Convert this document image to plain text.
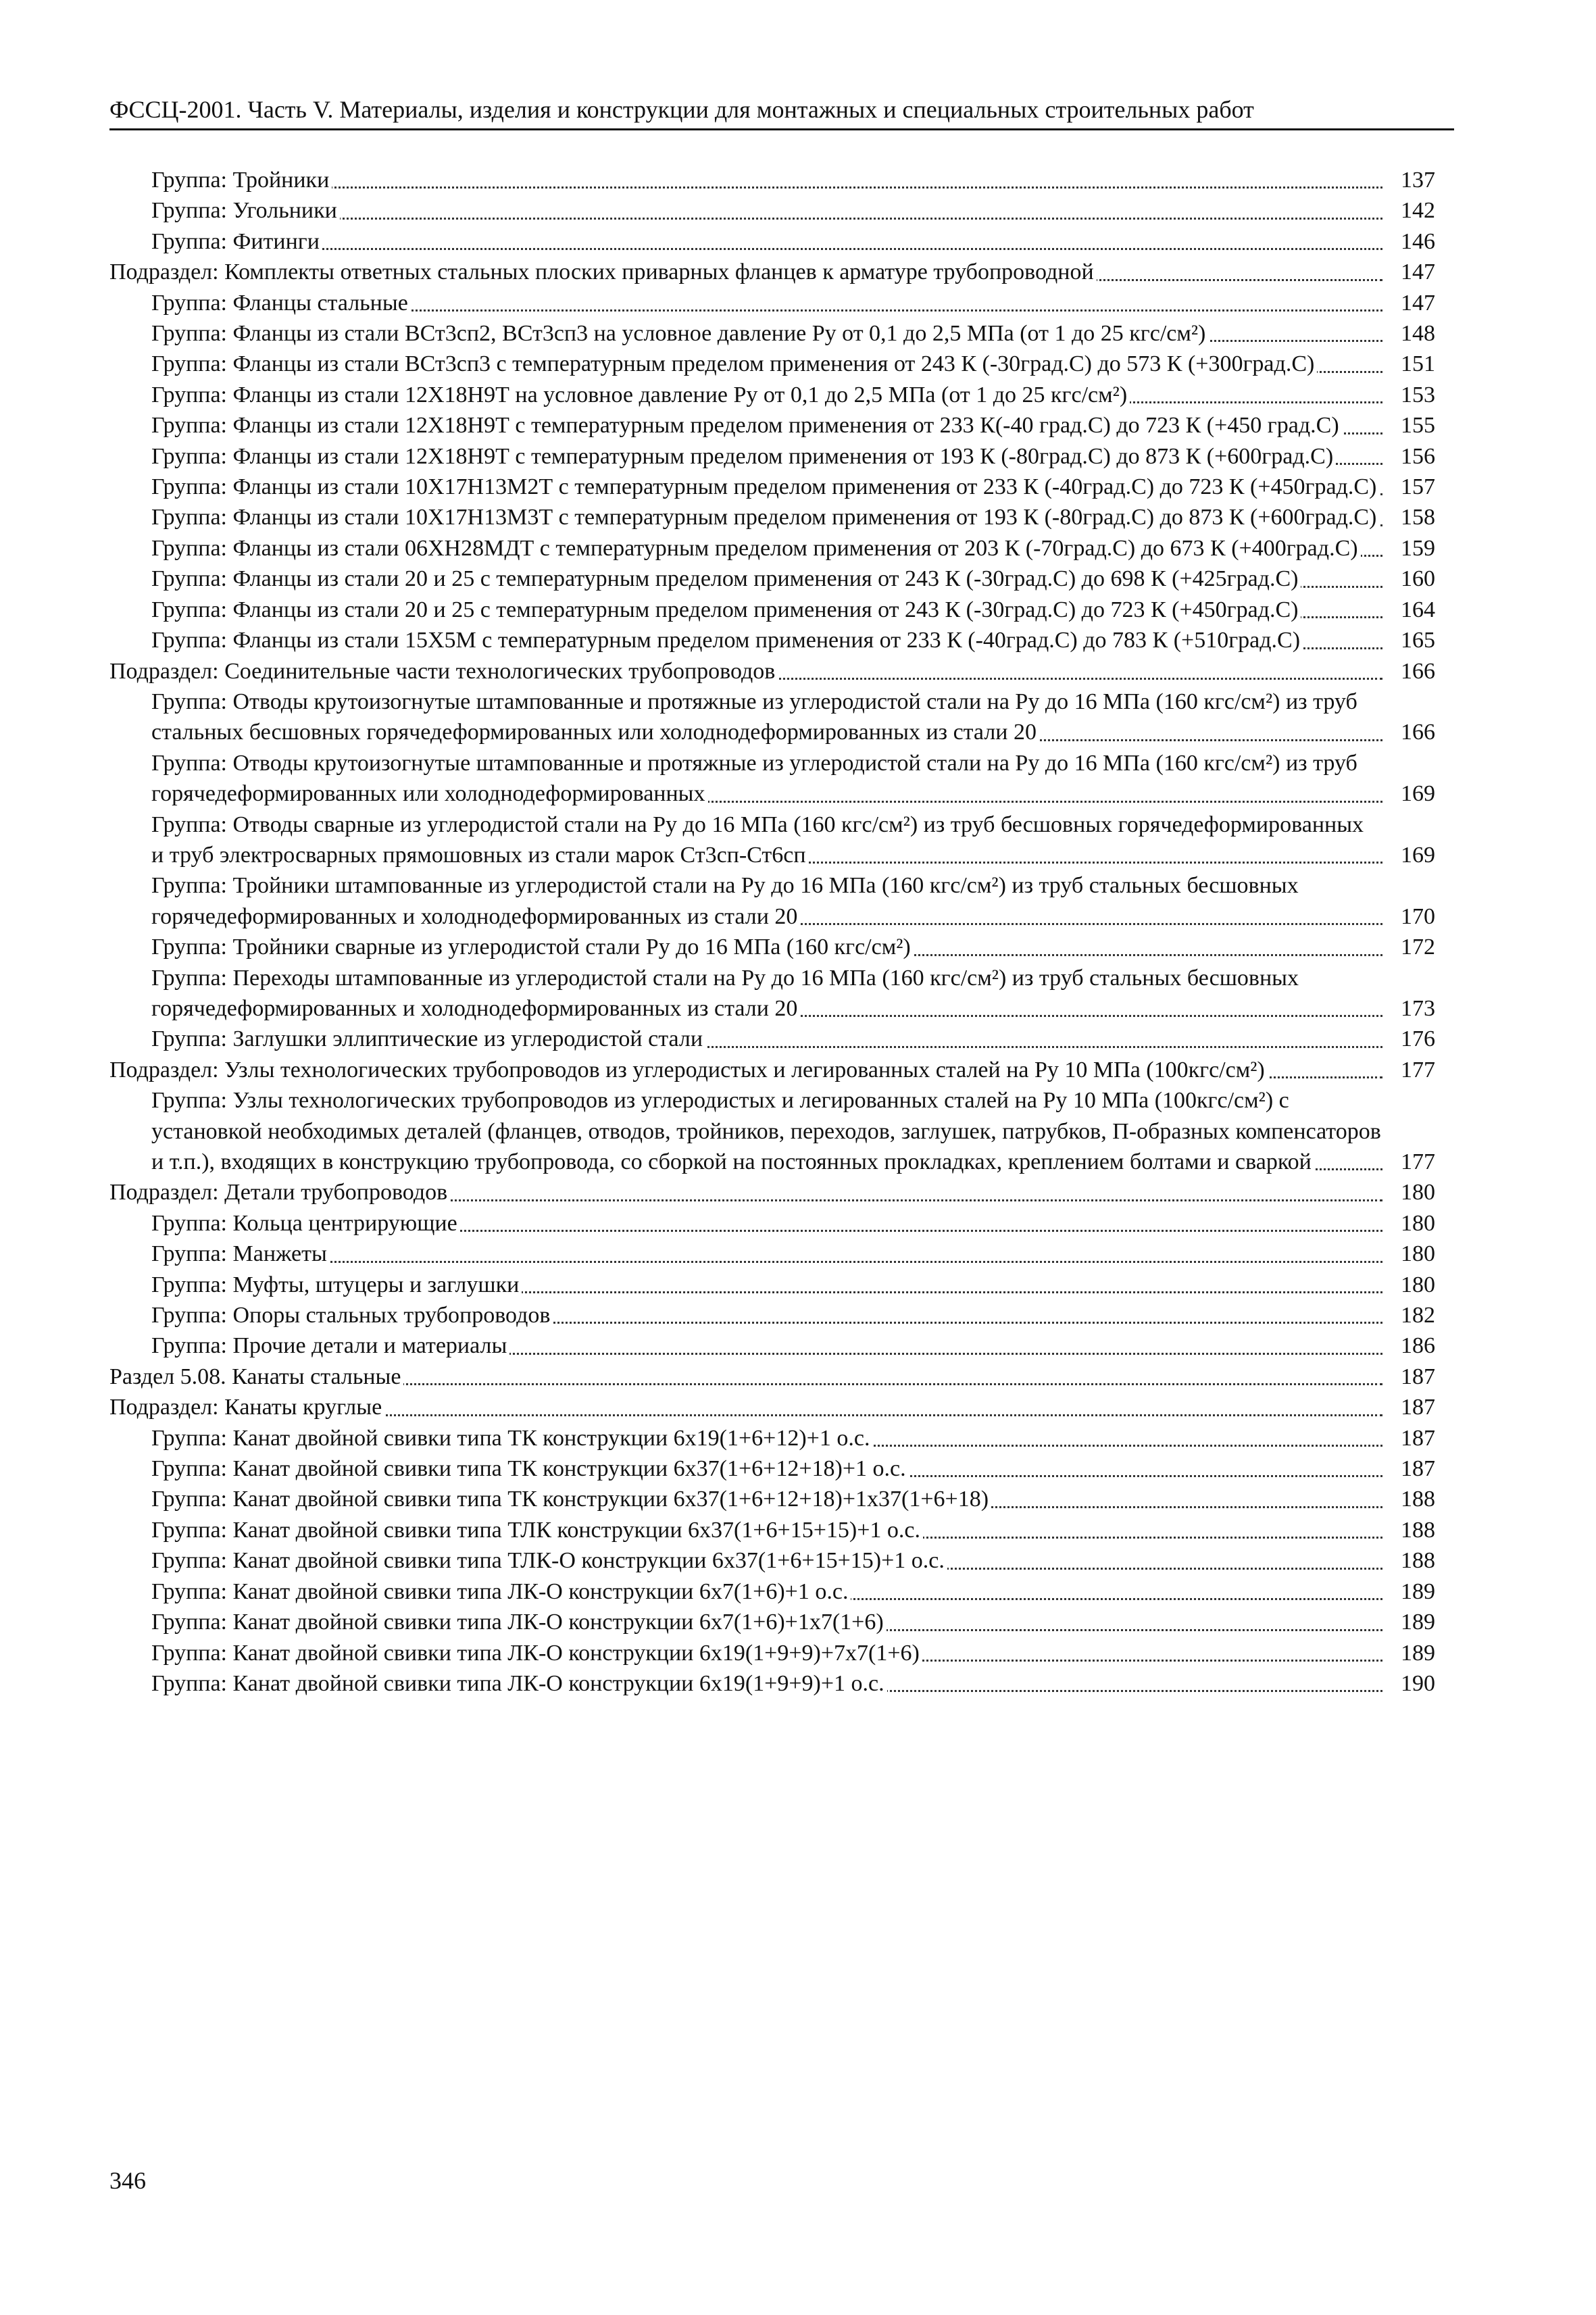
ФССЦ-2001. Часть V. Материалы, изделия и конструкции для монтажных и специальных строительных работ
Группа: Тройники	137
Группа: Угольники	142
Группа: Фитинги	146
Подраздел: Комплекты ответных стальных плоских приварных фланцев к арматуре трубопроводной	147
Группа: Фланцы стальные	147
Группа: Фланцы из стали ВСт3сп2, ВСт3сп3 на условное давление Ру от 0,1 до 2,5 МПа (от 1 до 25 кгс/см²)	148
Группа: Фланцы из стали ВСт3сп3 с температурным пределом применения от 243 К (-30град.С) до 573 К (+300град.С)	151
Группа: Фланцы из стали 12Х18Н9Т на условное давление Ру от 0,1 до 2,5 МПа (от 1 до 25 кгс/см²)	153
Группа: Фланцы из стали 12Х18Н9Т с температурным пределом применения от 233 К(-40 град.С) до 723 К (+450 град.С)	155
Группа: Фланцы из стали 12Х18Н9Т с температурным пределом применения от 193 К (-80град.С) до 873 К (+600град.С)	156
Группа: Фланцы из стали 10Х17Н13М2Т с температурным пределом применения от 233 К (-40град.С) до 723 К (+450град.С)	157
Группа: Фланцы из стали 10Х17Н13М3Т с температурным пределом применения от 193 К (-80град.С) до 873 К (+600град.С)	158
Группа: Фланцы из стали 06ХН28МДТ с температурным пределом применения от 203 К (-70град.С) до 673 К (+400град.С)	159
Группа: Фланцы из стали 20 и 25 с температурным пределом применения от 243 К (-30град.С) до 698 К (+425град.С)	160
Группа: Фланцы из стали 20 и 25 с температурным пределом применения от 243 К (-30град.С) до 723 К (+450град.С)	164
Группа: Фланцы из стали 15Х5М с температурным пределом применения от 233 К (-40град.С) до 783 К (+510град.С)	165
Подраздел: Соединительные части технологических трубопроводов	166
Группа: Отводы крутоизогнутые штампованные и протяжные из углеродистой стали на Ру до 16 МПа (160 кгс/см²) из труб стальных бесшовных горячедеформированных или холоднодеформированных из стали 20	166
Группа: Отводы крутоизогнутые штампованные и протяжные из углеродистой стали на Ру до 16 МПа (160 кгс/см²) из труб горячедеформированных или холоднодеформированных	169
Группа: Отводы сварные из углеродистой стали на Ру до 16 МПа (160 кгс/см²) из труб бесшовных горячедеформированных и труб электросварных прямошовных из стали марок Ст3сп-Ст6сп	169
Группа: Тройники штампованные из углеродистой стали на Ру до 16 МПа (160 кгс/см²) из труб стальных бесшовных горячедеформированных и холоднодеформированных из стали 20	170
Группа: Тройники сварные из углеродистой стали Ру до 16 МПа (160 кгс/см²)	172
Группа: Переходы штампованные из углеродистой стали на Ру до 16 МПа (160 кгс/см²) из труб стальных бесшовных горячедеформированных и холоднодеформированных из стали 20	173
Группа: Заглушки эллиптические из углеродистой стали	176
Подраздел: Узлы технологических трубопроводов из углеродистых и легированных сталей на Ру 10 МПа (100кгс/см²)	177
Группа: Узлы технологических трубопроводов из углеродистых и легированных сталей на Ру 10 МПа (100кгс/см²) с установкой необходимых деталей (фланцев, отводов, тройников, переходов, заглушек, патрубков, П-образных компенсаторов и т.п.), входящих в конструкцию трубопровода, со сборкой на постоянных прокладках, креплением болтами и сваркой	177
Подраздел: Детали трубопроводов	180
Группа: Кольца центрирующие	180
Группа: Манжеты	180
Группа: Муфты, штуцеры и заглушки	180
Группа: Опоры стальных трубопроводов	182
Группа: Прочие детали и материалы	186
Раздел 5.08. Канаты стальные	187
Подраздел: Канаты круглые	187
Группа: Канат двойной свивки типа ТК конструкции 6х19(1+6+12)+1 о.с.	187
Группа: Канат двойной свивки типа ТК конструкции 6х37(1+6+12+18)+1 о.с.	187
Группа: Канат двойной свивки типа ТК конструкции 6х37(1+6+12+18)+1х37(1+6+18)	188
Группа: Канат двойной свивки типа ТЛК конструкции 6х37(1+6+15+15)+1 о.с.	188
Группа: Канат двойной свивки типа ТЛК-О конструкции 6х37(1+6+15+15)+1 о.с.	188
Группа: Канат двойной свивки типа ЛК-О конструкции 6х7(1+6)+1 о.с.	189
Группа: Канат двойной свивки типа ЛК-О конструкции 6х7(1+6)+1х7(1+6)	189
Группа: Канат двойной свивки типа ЛК-О конструкции 6х19(1+9+9)+7х7(1+6)	189
Группа: Канат двойной свивки типа ЛК-О конструкции 6х19(1+9+9)+1 о.с.	190
346
